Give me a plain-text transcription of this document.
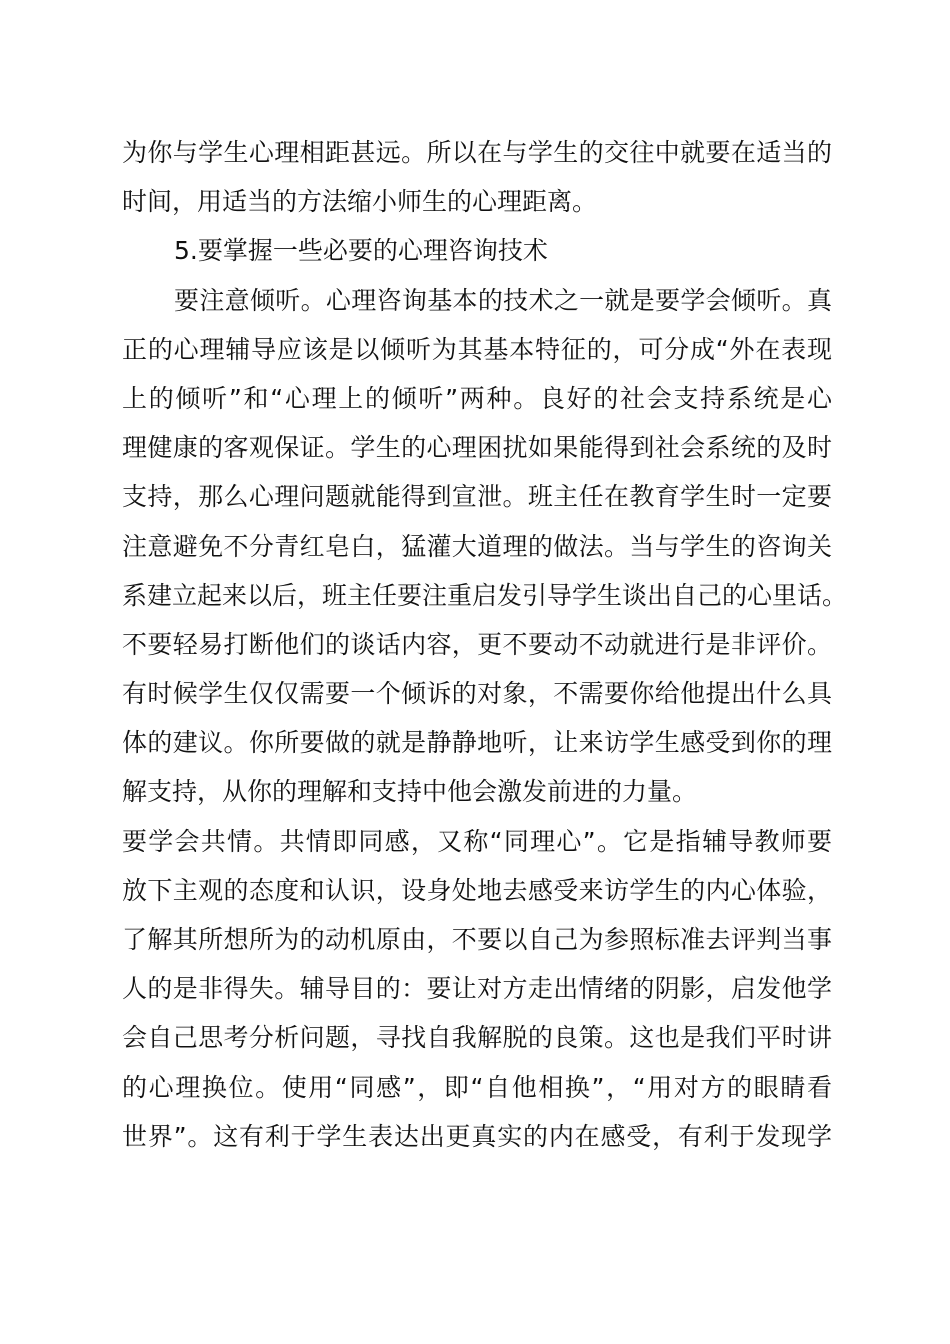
为你与学生心理相距甚远。所以在与学生的交往中就要在适当的
时间，用适当的方法缩小师生的心理距离。
5.要掌握一些必要的心理咨询技术
要注意倾听。心理咨询基本的技术之一就是要学会倾听。真
正的心理辅导应该是以倾听为其基本特征的，可分成“外在表现
上的倾听”和“心理上的倾听”两种。良好的社会支持系统是心
理健康的客观保证。学生的心理困扰如果能得到社会系统的及时
支持，那么心理问题就能得到宣泄。班主任在教育学生时一定要
注意避免不分青红皂白，猛灌大道理的做法。当与学生的咨询关
系建立起来以后，班主任要注重启发引导学生谈出自己的心里话。
不要轻易打断他们的谈话内容，更不要动不动就进行是非评价。
有时候学生仅仅需要一个倾诉的对象，不需要你给他提出什么具
体的建议。你所要做的就是静静地听，让来访学生感受到你的理
解支持，从你的理解和支持中他会激发前进的力量。
要学会共情。共情即同感，又称“同理心”。它是指辅导教师要
放下主观的态度和认识，设身处地去感受来访学生的内心体验，
了解其所想所为的动机原由，不要以自己为参照标准去评判当事
人的是非得失。辅导目的：要让对方走出情绪的阴影，启发他学
会自己思考分析问题，寻找自我解脱的良策。这也是我们平时讲
的心理换位。使用“同感”，即“自他相换”，“用对方的眼睛看
世界”。这有利于学生表达出更真实的内在感受，有利于发现学
